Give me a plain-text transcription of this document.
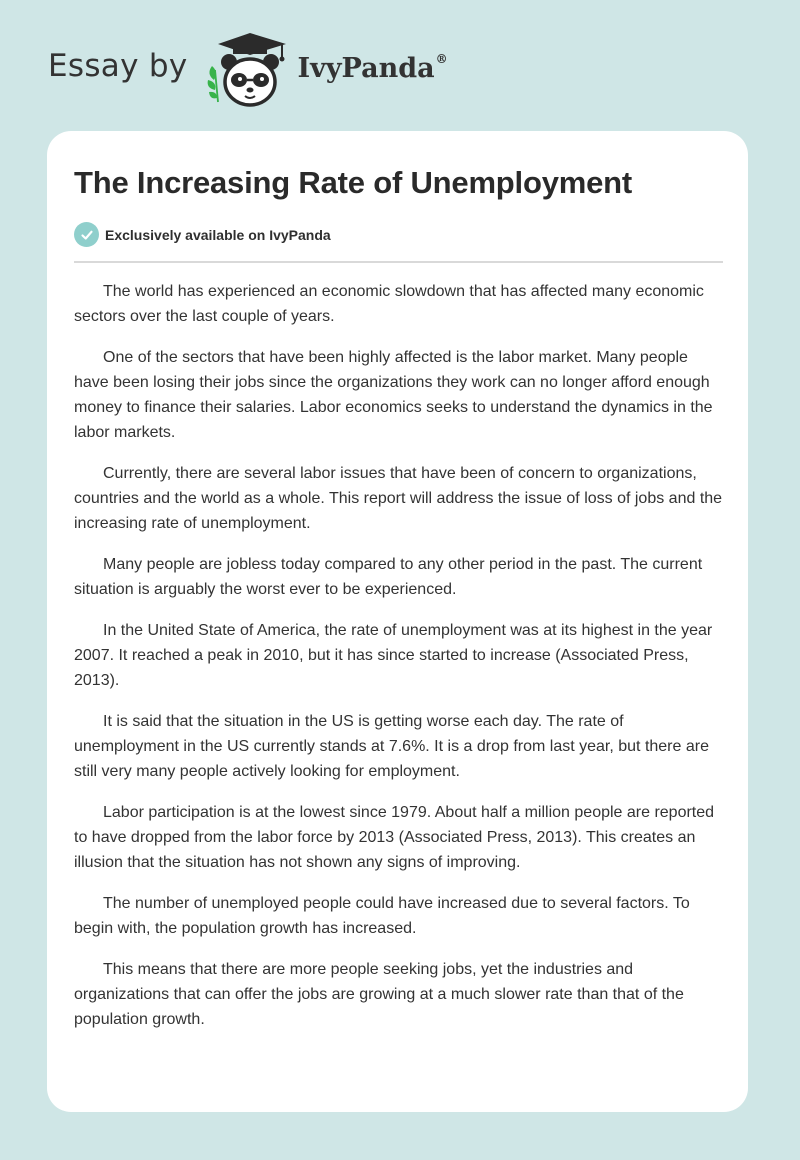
Essay by	IvyPanda®
The Increasing Rate of Unemployment
Exclusively available on IvyPanda

The world has experienced an economic slowdown that has affected many economic sectors over the last couple of years.

One of the sectors that have been highly affected is the labor market. Many people have been losing their jobs since the organizations they work can no longer afford enough money to finance their salaries. Labor economics seeks to understand the dynamics in the labor markets.

Currently, there are several labor issues that have been of concern to organizations, countries and the world as a whole. This report will address the issue of loss of jobs and the increasing rate of unemployment.

Many people are jobless today compared to any other period in the past. The current situation is arguably the worst ever to be experienced.

In the United State of America, the rate of unemployment was at its highest in the year 2007. It reached a peak in 2010, but it has since started to increase (Associated Press, 2013).

It is said that the situation in the US is getting worse each day. The rate of unemployment in the US currently stands at 7.6%. It is a drop from last year, but there are still very many people actively looking for employment.

Labor participation is at the lowest since 1979. About half a million people are reported to have dropped from the labor force by 2013 (Associated Press, 2013). This creates an illusion that the situation has not shown any signs of improving.

The number of unemployed people could have increased due to several factors. To begin with, the population growth has increased.

This means that there are more people seeking jobs, yet the industries and organizations that can offer the jobs are growing at a much slower rate than that of the population growth.
